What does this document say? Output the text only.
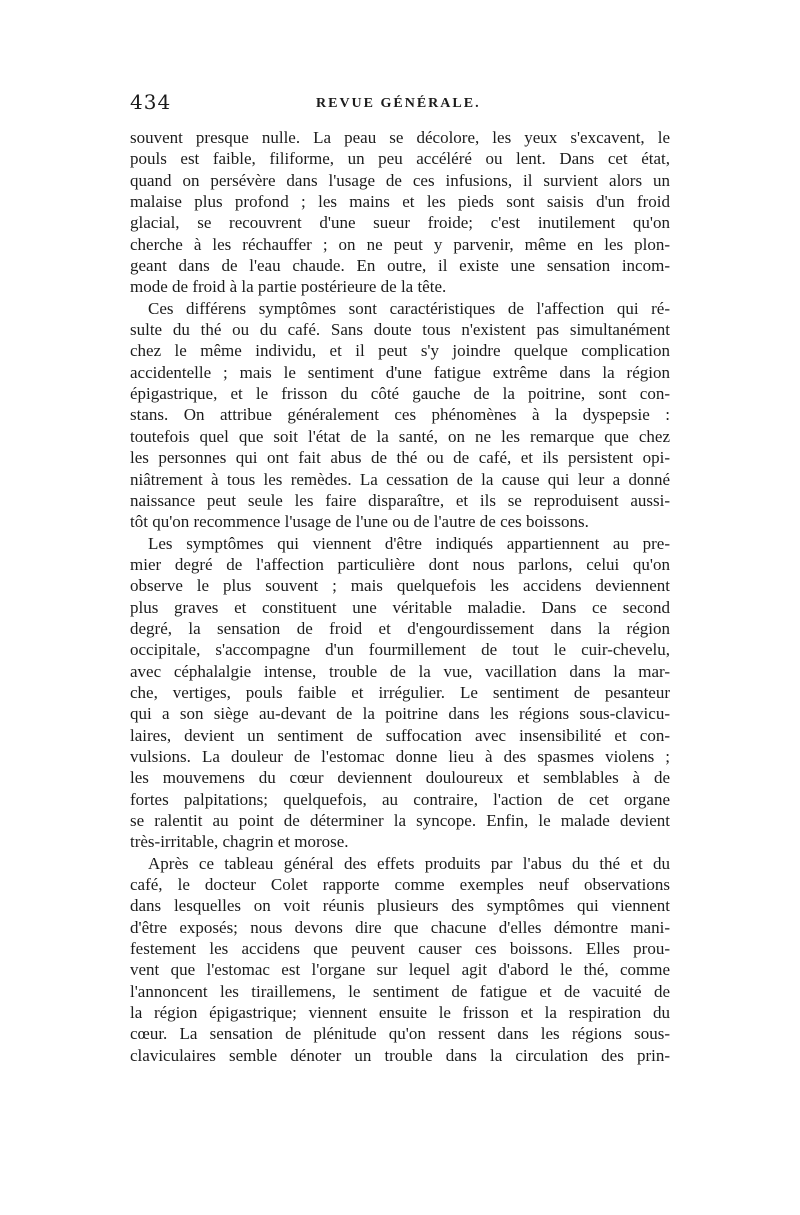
434	REVUE GÉNÉRALE.
souvent presque nulle. La peau se décolore, les yeux s'excavent, le
pouls est faible, filiforme, un peu accéléré ou lent. Dans cet état,
quand on persévère dans l'usage de ces infusions, il survient alors un
malaise plus profond ; les mains et les pieds sont saisis d'un froid
glacial, se recouvrent d'une sueur froide; c'est inutilement qu'on
cherche à les réchauffer ; on ne peut y parvenir, même en les plon-
geant dans de l'eau chaude. En outre, il existe une sensation incom-
mode de froid à la partie postérieure de la tête.
Ces différens symptômes sont caractéristiques de l'affection qui ré-
sulte du thé ou du café. Sans doute tous n'existent pas simultanément
chez le même individu, et il peut s'y joindre quelque complication
accidentelle ; mais le sentiment d'une fatigue extrême dans la région
épigastrique, et le frisson du côté gauche de la poitrine, sont con-
stans. On attribue généralement ces phénomènes à la dyspepsie :
toutefois quel que soit l'état de la santé, on ne les remarque que chez
les personnes qui ont fait abus de thé ou de café, et ils persistent opi-
niâtrement à tous les remèdes. La cessation de la cause qui leur a donné
naissance peut seule les faire disparaître, et ils se reproduisent aussi-
tôt qu'on recommence l'usage de l'une ou de l'autre de ces boissons.
Les symptômes qui viennent d'être indiqués appartiennent au pre-
mier degré de l'affection particulière dont nous parlons, celui qu'on
observe le plus souvent ; mais quelquefois les accidens deviennent
plus graves et constituent une véritable maladie. Dans ce second
degré, la sensation de froid et d'engourdissement dans la région
occipitale, s'accompagne d'un fourmillement de tout le cuir-chevelu,
avec céphalalgie intense, trouble de la vue, vacillation dans la mar-
che, vertiges, pouls faible et irrégulier. Le sentiment de pesanteur
qui a son siège au-devant de la poitrine dans les régions sous-clavicu-
laires, devient un sentiment de suffocation avec insensibilité et con-
vulsions. La douleur de l'estomac donne lieu à des spasmes violens ;
les mouvemens du cœur deviennent douloureux et semblables à de
fortes palpitations; quelquefois, au contraire, l'action de cet organe
se ralentit au point de déterminer la syncope. Enfin, le malade devient
très-irritable, chagrin et morose.
Après ce tableau général des effets produits par l'abus du thé et du
café, le docteur Colet rapporte comme exemples neuf observations
dans lesquelles on voit réunis plusieurs des symptômes qui viennent
d'être exposés; nous devons dire que chacune d'elles démontre mani-
festement les accidens que peuvent causer ces boissons. Elles prou-
vent que l'estomac est l'organe sur lequel agit d'abord le thé, comme
l'annoncent les tiraillemens, le sentiment de fatigue et de vacuité de
la région épigastrique; viennent ensuite le frisson et la respiration du
cœur. La sensation de plénitude qu'on ressent dans les régions sous-
claviculaires semble dénoter un trouble dans la circulation des prin-
